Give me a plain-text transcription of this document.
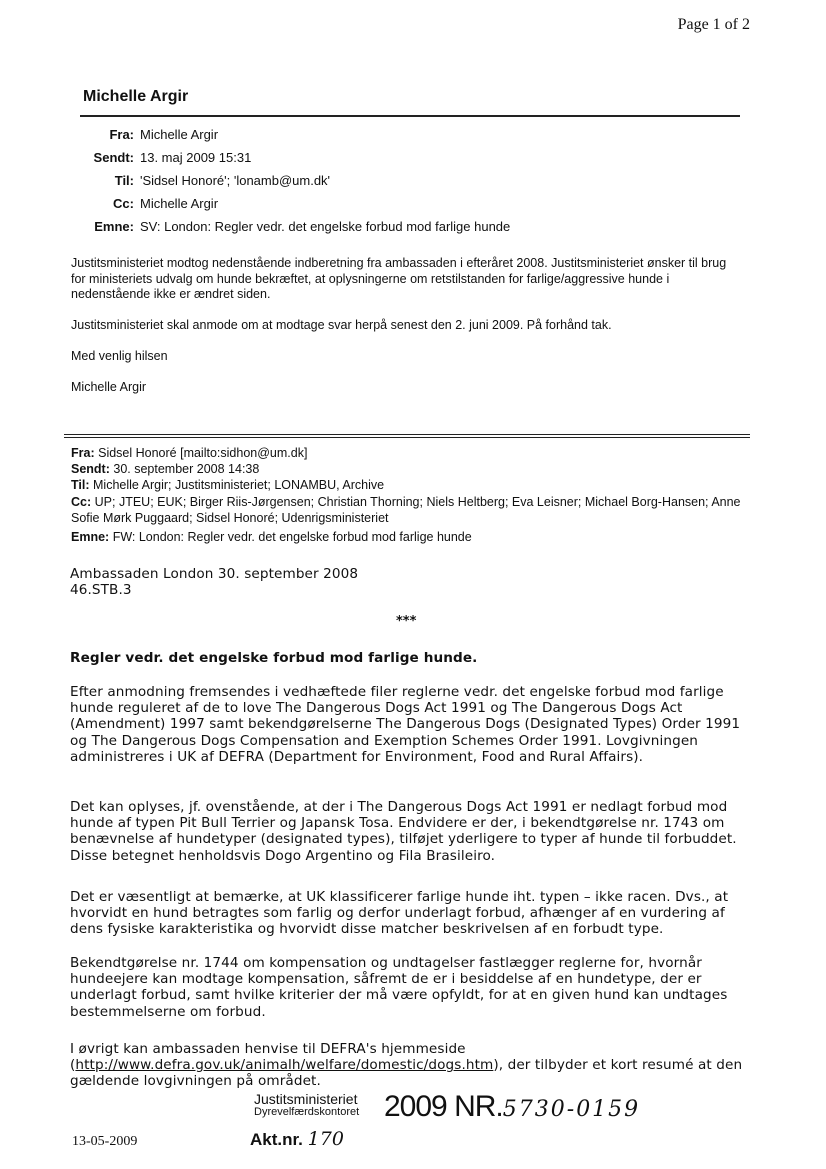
Page 1 of 2
Michelle Argir
Fra: Michelle Argir
Sendt: 13. maj 2009 15:31
Til: 'Sidsel Honoré'; 'lonamb@um.dk'
Cc: Michelle Argir
Emne: SV: London: Regler vedr. det engelske forbud mod farlige hunde
Justitsministeriet modtog nedenstående indberetning fra ambassaden i efteråret 2008. Justitsministeriet ønsker til brug for ministeriets udvalg om hunde bekræftet, at oplysningerne om retstilstanden for farlige/aggressive hunde i nedenstående ikke er ændret siden.
Justitsministeriet skal anmode om at modtage svar herpå senest den 2. juni 2009. På forhånd tak.
Med venlig hilsen
Michelle Argir
Fra: Sidsel Honoré [mailto:sidhon@um.dk]
Sendt: 30. september 2008 14:38
Til: Michelle Argir; Justitsministeriet; LONAMBU, Archive
Cc: UP; JTEU; EUK; Birger Riis-Jørgensen; Christian Thorning; Niels Heltberg; Eva Leisner; Michael Borg-Hansen; Anne Sofie Mørk Puggaard; Sidsel Honoré; Udenrigsministeriet
Emne: FW: London: Regler vedr. det engelske forbud mod farlige hunde
Ambassaden London 30. september 2008
46.STB.3
***
Regler vedr. det engelske forbud mod farlige hunde.
Efter anmodning fremsendes i vedhæftede filer reglerne vedr. det engelske forbud mod farlige hunde reguleret af de to love The Dangerous Dogs Act 1991 og The Dangerous Dogs Act (Amendment) 1997 samt bekendgørelserne The Dangerous Dogs (Designated Types) Order 1991 og The Dangerous Dogs Compensation and Exemption Schemes Order 1991. Lovgivningen administreres i UK af DEFRA (Department for Environment, Food and Rural Affairs).
Det kan oplyses, jf. ovenstående, at der i The Dangerous Dogs Act 1991 er nedlagt forbud mod hunde af typen Pit Bull Terrier og Japansk Tosa. Endvidere er der, i bekendtgørelse nr. 1743 om benævnelse af hundetyper (designated types), tilføjet yderligere to typer af hunde til forbuddet. Disse betegnet henholdsvis Dogo Argentino og Fila Brasileiro.
Det er væsentligt at bemærke, at UK klassificerer farlige hunde iht. typen – ikke racen. Dvs., at hvorvidt en hund betragtes som farlig og derfor underlagt forbud, afhænger af en vurdering af dens fysiske karakteristika og hvorvidt disse matcher beskrivelsen af en forbudt type.
Bekendtgørelse nr. 1744 om kompensation og undtagelser fastlægger reglerne for, hvornår hundeejere kan modtage kompensation, såfremt de er i besiddelse af en hundetype, der er underlagt forbud, samt hvilke kriterier der må være opfyldt, for at en given hund kan undtages bestemmelserne om forbud.
I øvrigt kan ambassaden henvise til DEFRA's hjemmeside
(http://www.defra.gov.uk/animalh/welfare/domestic/dogs.htm), der tilbyder et kort resumé at den gældende lovgivningen på området.
Justitsministeriet
Dyrevelfærdskontoret 2009 NR.5730-0159
13-05-2009	Akt.nr. 170
